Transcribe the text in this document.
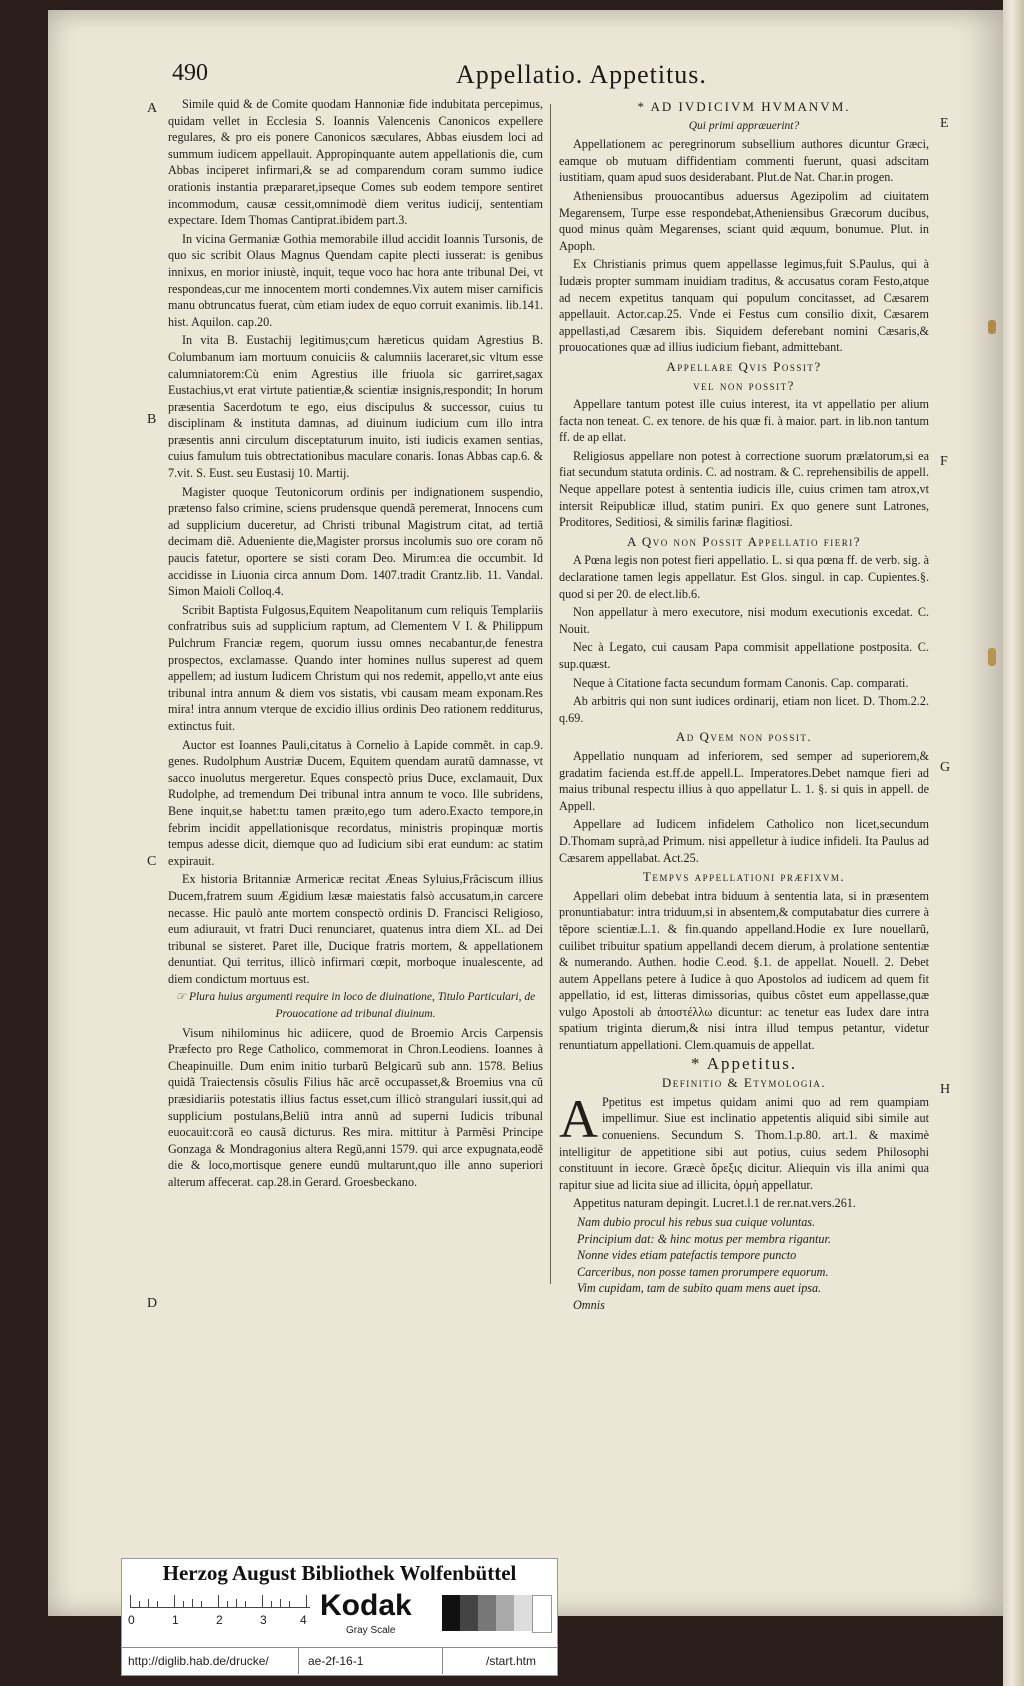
490	Appellatio. Appetitus.
A
B
C
D
E
F
G
H

Simile quid & de Comite quodam Hannoniæ fide indubitata percepimus, quidam vellet in Ecclesia S. Ioannis Valencenis Canonicos expellere regulares, & pro eis ponere Canonicos sæculares, Abbas eiusdem loci ad summum iudicem appellauit. Appropinquante autem appellationis die, cum Abbas inciperet infirmari,& se ad comparendum coram summo iudice orationis instantia præpararet,ipseque Comes sub eodem tempore sentiret incommodum, causæ cessit,omnimodè diem veritus iudicij, sententiam expectare. Idem Thomas Cantiprat.ibidem part.3.

In vicina Germaniæ Gothia memorabile illud accidit Ioannis Tursonis, de quo sic scribit Olaus Magnus Quendam capite plecti iusserat: is genibus innixus, en morior iniustè, inquit, teque voco hac hora ante tribunal Dei, vt respondeas,cur me innocentem morti condemnes.Vix autem miser carnificis manu obtruncatus fuerat, cùm etiam iudex de equo corruit exanimis. lib.141. hist. Aquilon. cap.20.

In vita B. Eustachij legitimus;cum hæreticus quidam Agrestius B. Columbanum iam mortuum conuiciis & calumniis laceraret,sic vltum esse calumniatorem:Cù enim Agrestius ille friuola sic garriret,sagax Eustachius,vt erat virtute patientiæ,& scientiæ insignis,respondit; In horum præsentia Sacerdotum te ego, eius discipulus & successor, cuius tu disciplinam & instituta damnas, ad diuinum iudicium cum illo intra præsentis anni circulum disceptaturum inuito, isti iudicis examen sentias, cuius famulum tuis obtrectationibus maculare conaris. Ionas Abbas cap.6. & 7.vit. S. Eust. seu Eustasij 10. Martij.

Magister quoque Teutonicorum ordinis per indignationem suspendio, prætenso falso crimine, sciens prudensque quendã peremerat, Innocens cum ad supplicium duceretur, ad Christi tribunal Magistrum citat, ad tertiã decimam diẽ. Adueniente die,Magister prorsus incolumis suo ore coram nõ paucis fatetur, oportere se sisti coram Deo. Mirum:ea die occumbit. Id accidisse in Liuonia circa annum Dom. 1407.tradit Crantz.lib. 11. Vandal. Simon Maioli Colloq.4.

Scribit Baptista Fulgosus,Equitem Neapolitanum cum reliquis Templariis confratribus suis ad supplicium raptum, ad Clementem V I. & Philippum Pulchrum Franciæ regem, quorum iussu omnes necabantur,de fenestra prospectos, exclamasse. Quando inter homines nullus superest ad quem appellem; ad iustum Iudicem Christum qui nos redemit, appello,vt ante eius tribunal intra annum & diem vos sistatis, vbi causam meam exponam.Res mira! intra annum vterque de excidio illius ordinis Deo rationem redditurus, extinctus fuit.

Auctor est Ioannes Pauli,citatus à Cornelio à Lapide commẽt. in cap.9. genes. Rudolphum Austriæ Ducem, Equitem quendam auratũ damnasse, vt sacco inuolutus mergeretur. Eques conspectò prius Duce, exclamauit, Dux Rudolphe, ad tremendum Dei tribunal intra annum te voco. Ille subridens, Bene inquit,se habet:tu tamen præito,ego tum adero.Exacto tempore,in febrim incidit appellationisque recordatus, ministris propinquæ mortis tempus adesse dicit, diemque quo ad Iudicium sibi erat eundum: ac statim expirauit.

Ex historia Britanniæ Armericæ recitat Æneas Syluius,Frãciscum illius Ducem,fratrem suum Ægidium læsæ maiestatis falsò accusatum,in carcere necasse. Hic paulò ante mortem conspectò ordinis D. Francisci Religioso, eum adiurauit, vt fratri Duci renunciaret, quatenus intra diem XL. ad Dei tribunal se sisteret. Paret ille, Ducique fratris mortem, & appellationem denuntiat. Qui territus, illicò infirmari cœpit, morboque inualescente, ad diem condictum mortuus est.

☞ Plura huius argumenti require in loco de diuinatione, Titulo Particulari, de Prouocatione ad tribunal diuinum.

Visum nihilominus hic adiicere, quod de Broemio Arcis Carpensis Præfecto pro Rege Catholico, commemorat in Chron.Leodiens. Ioannes à Cheapinuille. Dum enim initio turbarũ Belgicarũ sub ann. 1578. Belius quidã Traiectensis cõsulis Filius hãc arcẽ occupasset,& Broemius vna cũ præsidiariis potestatis illius factus esset,cum illicò strangulari iussit,qui ad supplicium postulans,Beliũ intra annũ ad superni Iudicis tribunal euocauit:corã eo causã dicturus. Res mira. mittitur à Parmẽsi Principe Gonzaga & Mondragonius altera Regũ,anni 1579. qui arce expugnata,eodẽ die & loco,mortisque genere eundũ multarunt,quo ille anno superiori alterum affecerat. cap.28.in Gerard. Groesbeckano.

* AD IVDICIVM HVMANVM.

Qui primi appræuerint?

Appellationem ac peregrinorum subsellium authores dicuntur Græci, eamque ob mutuam diffidentiam commenti fuerunt, quasi adscitam iustitiam, quam apud suos desiderabant. Plut.de Nat. Char.in progen.

Atheniensibus prouocantibus aduersus Agezipolim ad ciuitatem Megarensem, Turpe esse respondebat,Atheniensibus Græcorum ducibus, quod minus quàm Megarenses, sciant quid æquum, bonumue. Plut. in Apoph.

Ex Christianis primus quem appellasse legimus,fuit S.Paulus, qui à Iudæis propter summam inuidiam traditus, & accusatus coram Festo,atque ad necem expetitus tanquam qui populum concitasset, ad Cæsarem appellauit. Actor.cap.25. Vnde ei Festus cum consilio dixit, Cæsarem appellasti,ad Cæsarem ibis. Siquidem deferebant nomini Cæsaris,& prouocationes quæ ad illius iudicium fiebant, admittebant.

Appellare Qvis Possit?

vel non possit?

Appellare tantum potest ille cuius interest, ita vt appellatio per alium facta non teneat. C. ex tenore. de his quæ fi. à maior. part. in lib.non tantum ff. de ap ellat.

Religiosus appellare non potest à correctione suorum prælatorum,si ea fiat secundum statuta ordinis. C. ad nostram. & C. reprehensibilis de appell. Neque appellare potest à sententia iudicis ille, cuius crimen tam atrox,vt intersit Reipublicæ illud, statim puniri. Ex quo genere sunt Latrones, Proditores, Seditiosi, & similis farinæ flagitiosi.

A Qvo non Possit Appellatio fieri?

A Pœna legis non potest fieri appellatio. L. si qua pœna ff. de verb. sig. à declaratione tamen legis appellatur. Est Glos. singul. in cap. Cupientes.§. quod si per 20. de elect.lib.6.

Non appellatur à mero executore, nisi modum executionis excedat. C. Nouit.

Nec à Legato, cui causam Papa commisit appellatione postposita. C. sup.quæst.

Neque à Citatione facta secundum formam Canonis. Cap. comparati.

Ab arbitris qui non sunt iudices ordinarij, etiam non licet. D. Thom.2.2. q.69.

Ad Qvem non possit.

Appellatio nunquam ad inferiorem, sed semper ad superiorem,& gradatim facienda est.ff.de appell.L. Imperatores.Debet namque fieri ad maius tribunal respectu illius à quo appellatur L. 1. §. si quis in appell. de Appell.

Appellare ad Iudicem infidelem Catholico non licet,secundum D.Thomam suprà,ad Primum. nisi appelletur à iudice infideli. Ita Paulus ad Cæsarem appellabat. Act.25.

Tempvs appellationi præfixvm.

Appellari olim debebat intra biduum à sententia lata, si in præsentem pronuntiabatur: intra triduum,si in absentem,& computabatur dies currere à tẽpore scientiæ.L.1. & fin.quando appelland.Hodie ex Iure nouellarũ, cuilibet tribuitur spatium appellandi decem dierum, à prolatione sententiæ & numerando. Authen. hodie C.eod. §.1. de appellat. Nouell. 2. Debet autem Appellans petere à Iudice à quo Apostolos ad iudicem ad quem fit appellatio, id est, litteras dimissorias, quibus cõstet eum appellasse,quæ vulgo Apostoli ab ἀποστέλλω dicuntur: ac tenetur eas Iudex dare intra spatium triginta dierum,& nisi intra illud tempus petantur, videtur renuntiatum appellationi. Clem.quamuis de appellat.

* Appetitus.

Definitio & Etymologia.

A Ppetitus est impetus quidam animi quo ad rem quampiam impellimur. Siue est inclinatio appetentis aliquid sibi simile aut conueniens. Secundum S. Thom.1.p.80. art.1. & maximè intelligitur de appetitione sibi aut potius, cuius sedem Philosophi constituunt in iecore. Græcè ὄρεξις dicitur. Aliequin vis illa animi qua rapitur siue ad licita siue ad illicita, ὁρμὴ appellatur.

Appetitus naturam depingit. Lucret.l.1 de rer.nat.vers.261.

Nam dubio procul his rebus sua cuique voluntas.

Principium dat: & hinc motus per membra rigantur.

Nonne vides etiam patefactis tempore puncto

Carceribus, non posse tamen prorumpere equorum.

Vim cupidam, tam de subito quam mens auet ipsa.

Omnis

Herzog August Bibliothek Wolfenbüttel
0	1	2	3	4 Kodak
Gray Scale
http://diglib.hab.de/drucke/	ae-2f-16-1	/start.htm
